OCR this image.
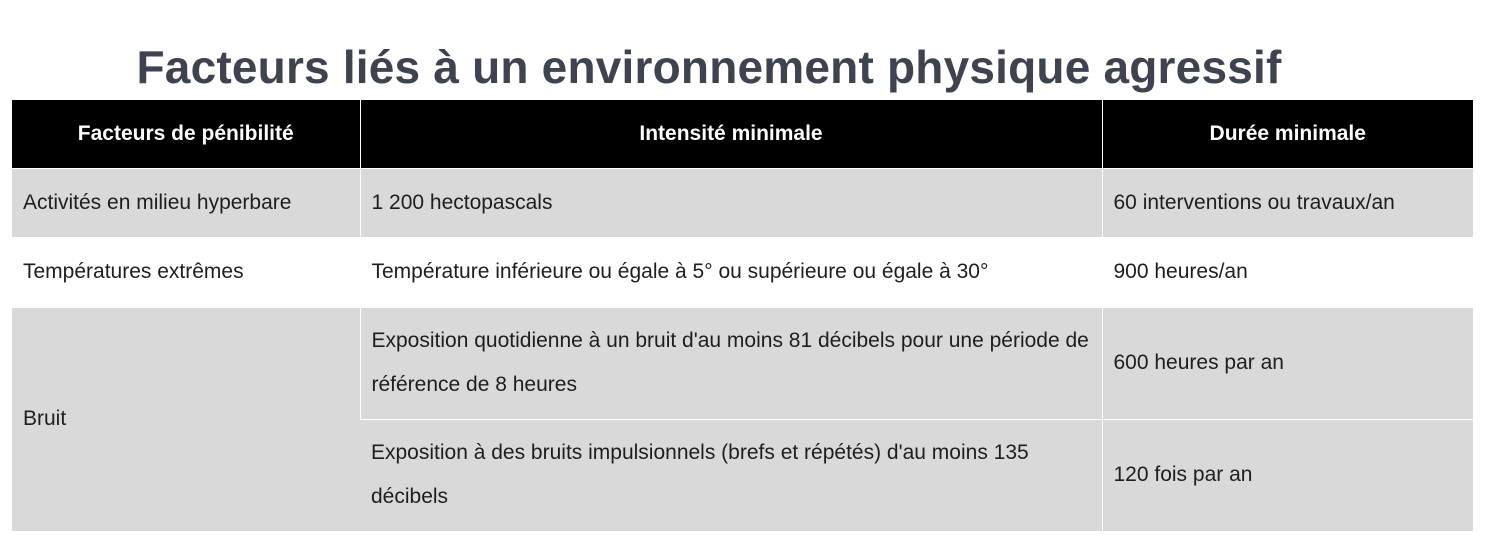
Facteurs liés à un environnement physique agressif
Facteurs de pénibilité	Intensité minimale	Durée minimale
Activités en milieu hyperbare	1 200 hectopascals	60 interventions ou travaux/an
Températures extrêmes	Température inférieure ou égale à 5° ou supérieure ou égale à 30°	900 heures/an
Bruit	Exposition quotidienne à un bruit d'au moins 81 décibels pour une période de référence de 8 heures	600 heures par an
	Exposition à des bruits impulsionnels (brefs et répétés) d'au moins 135 décibels	120 fois par an
